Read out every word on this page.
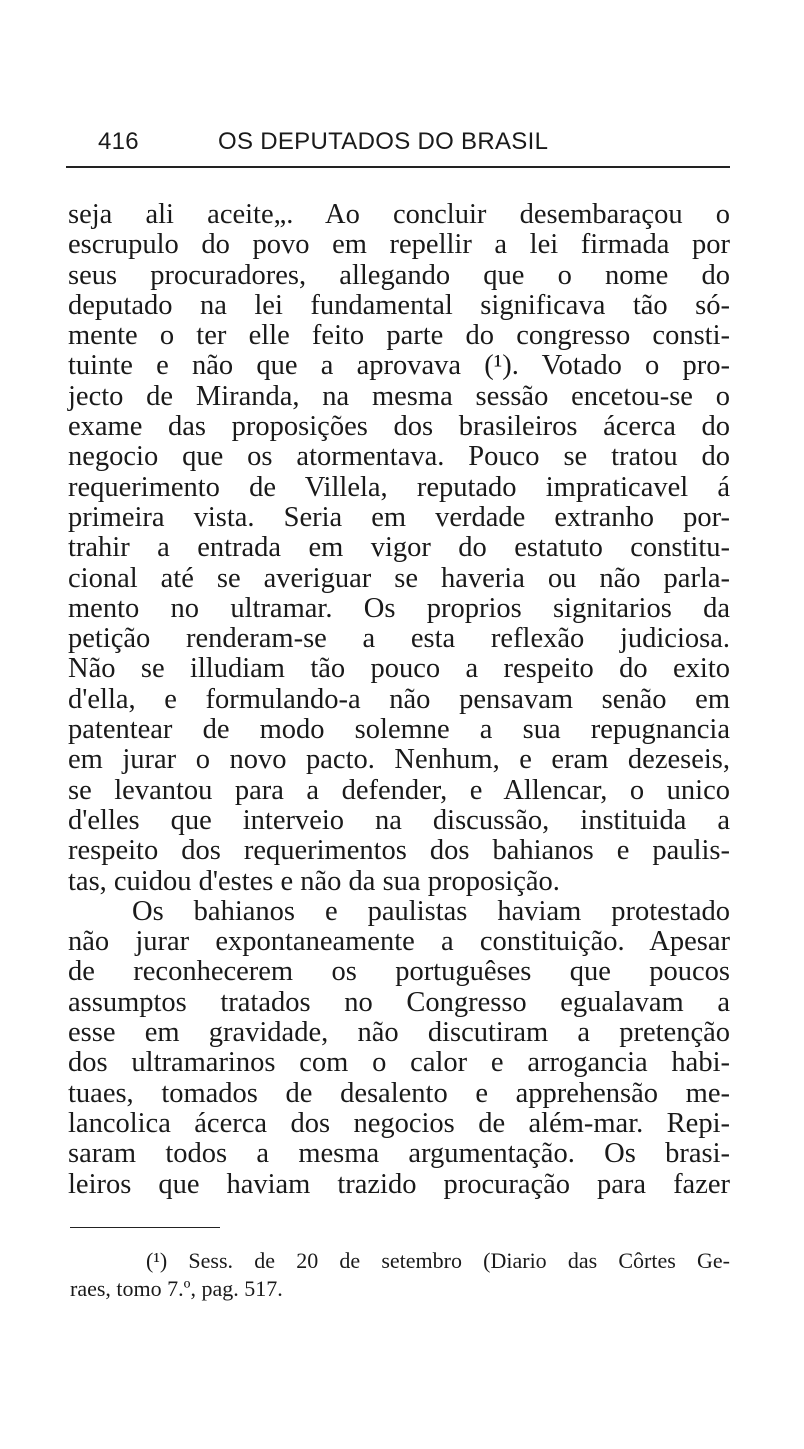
416	OS DEPUTADOS DO BRASIL
seja ali aceite„. Ao concluir desembaraçou o
escrupulo do povo em repellir a lei firmada por
seus procuradores, allegando que o nome do
deputado na lei fundamental significava tão só-
mente o ter elle feito parte do congresso consti-
tuinte e não que a aprovava (¹). Votado o pro-
jecto de Miranda, na mesma sessão encetou-se o
exame das proposições dos brasileiros ácerca do
negocio que os atormentava. Pouco se tratou do
requerimento de Villela, reputado impraticavel á
primeira vista. Seria em verdade extranho por-
trahir a entrada em vigor do estatuto constitu-
cional até se averiguar se haveria ou não parla-
mento no ultramar. Os proprios signitarios da
petição renderam-se a esta reflexão judiciosa.
Não se illudiam tão pouco a respeito do exito
d'ella, e formulando-a não pensavam senão em
patentear de modo solemne a sua repugnancia
em jurar o novo pacto. Nenhum, e eram dezeseis,
se levantou para a defender, e Allencar, o unico
d'elles que interveio na discussão, instituida a
respeito dos requerimentos dos bahianos e paulis-
tas, cuidou d'estes e não da sua proposição.
Os bahianos e paulistas haviam protestado
não jurar expontaneamente a constituição. Apesar
de reconhecerem os portuguêses que poucos
assumptos tratados no Congresso egualavam a
esse em gravidade, não discutiram a pretenção
dos ultramarinos com o calor e arrogancia habi-
tuaes, tomados de desalento e apprehensão me-
lancolica ácerca dos negocios de além-mar. Repi-
saram todos a mesma argumentação. Os brasi-
leiros que haviam trazido procuração para fazer
(¹) Sess. de 20 de setembro (Diario das Côrtes Ge-
raes, tomo 7.º, pag. 517.
